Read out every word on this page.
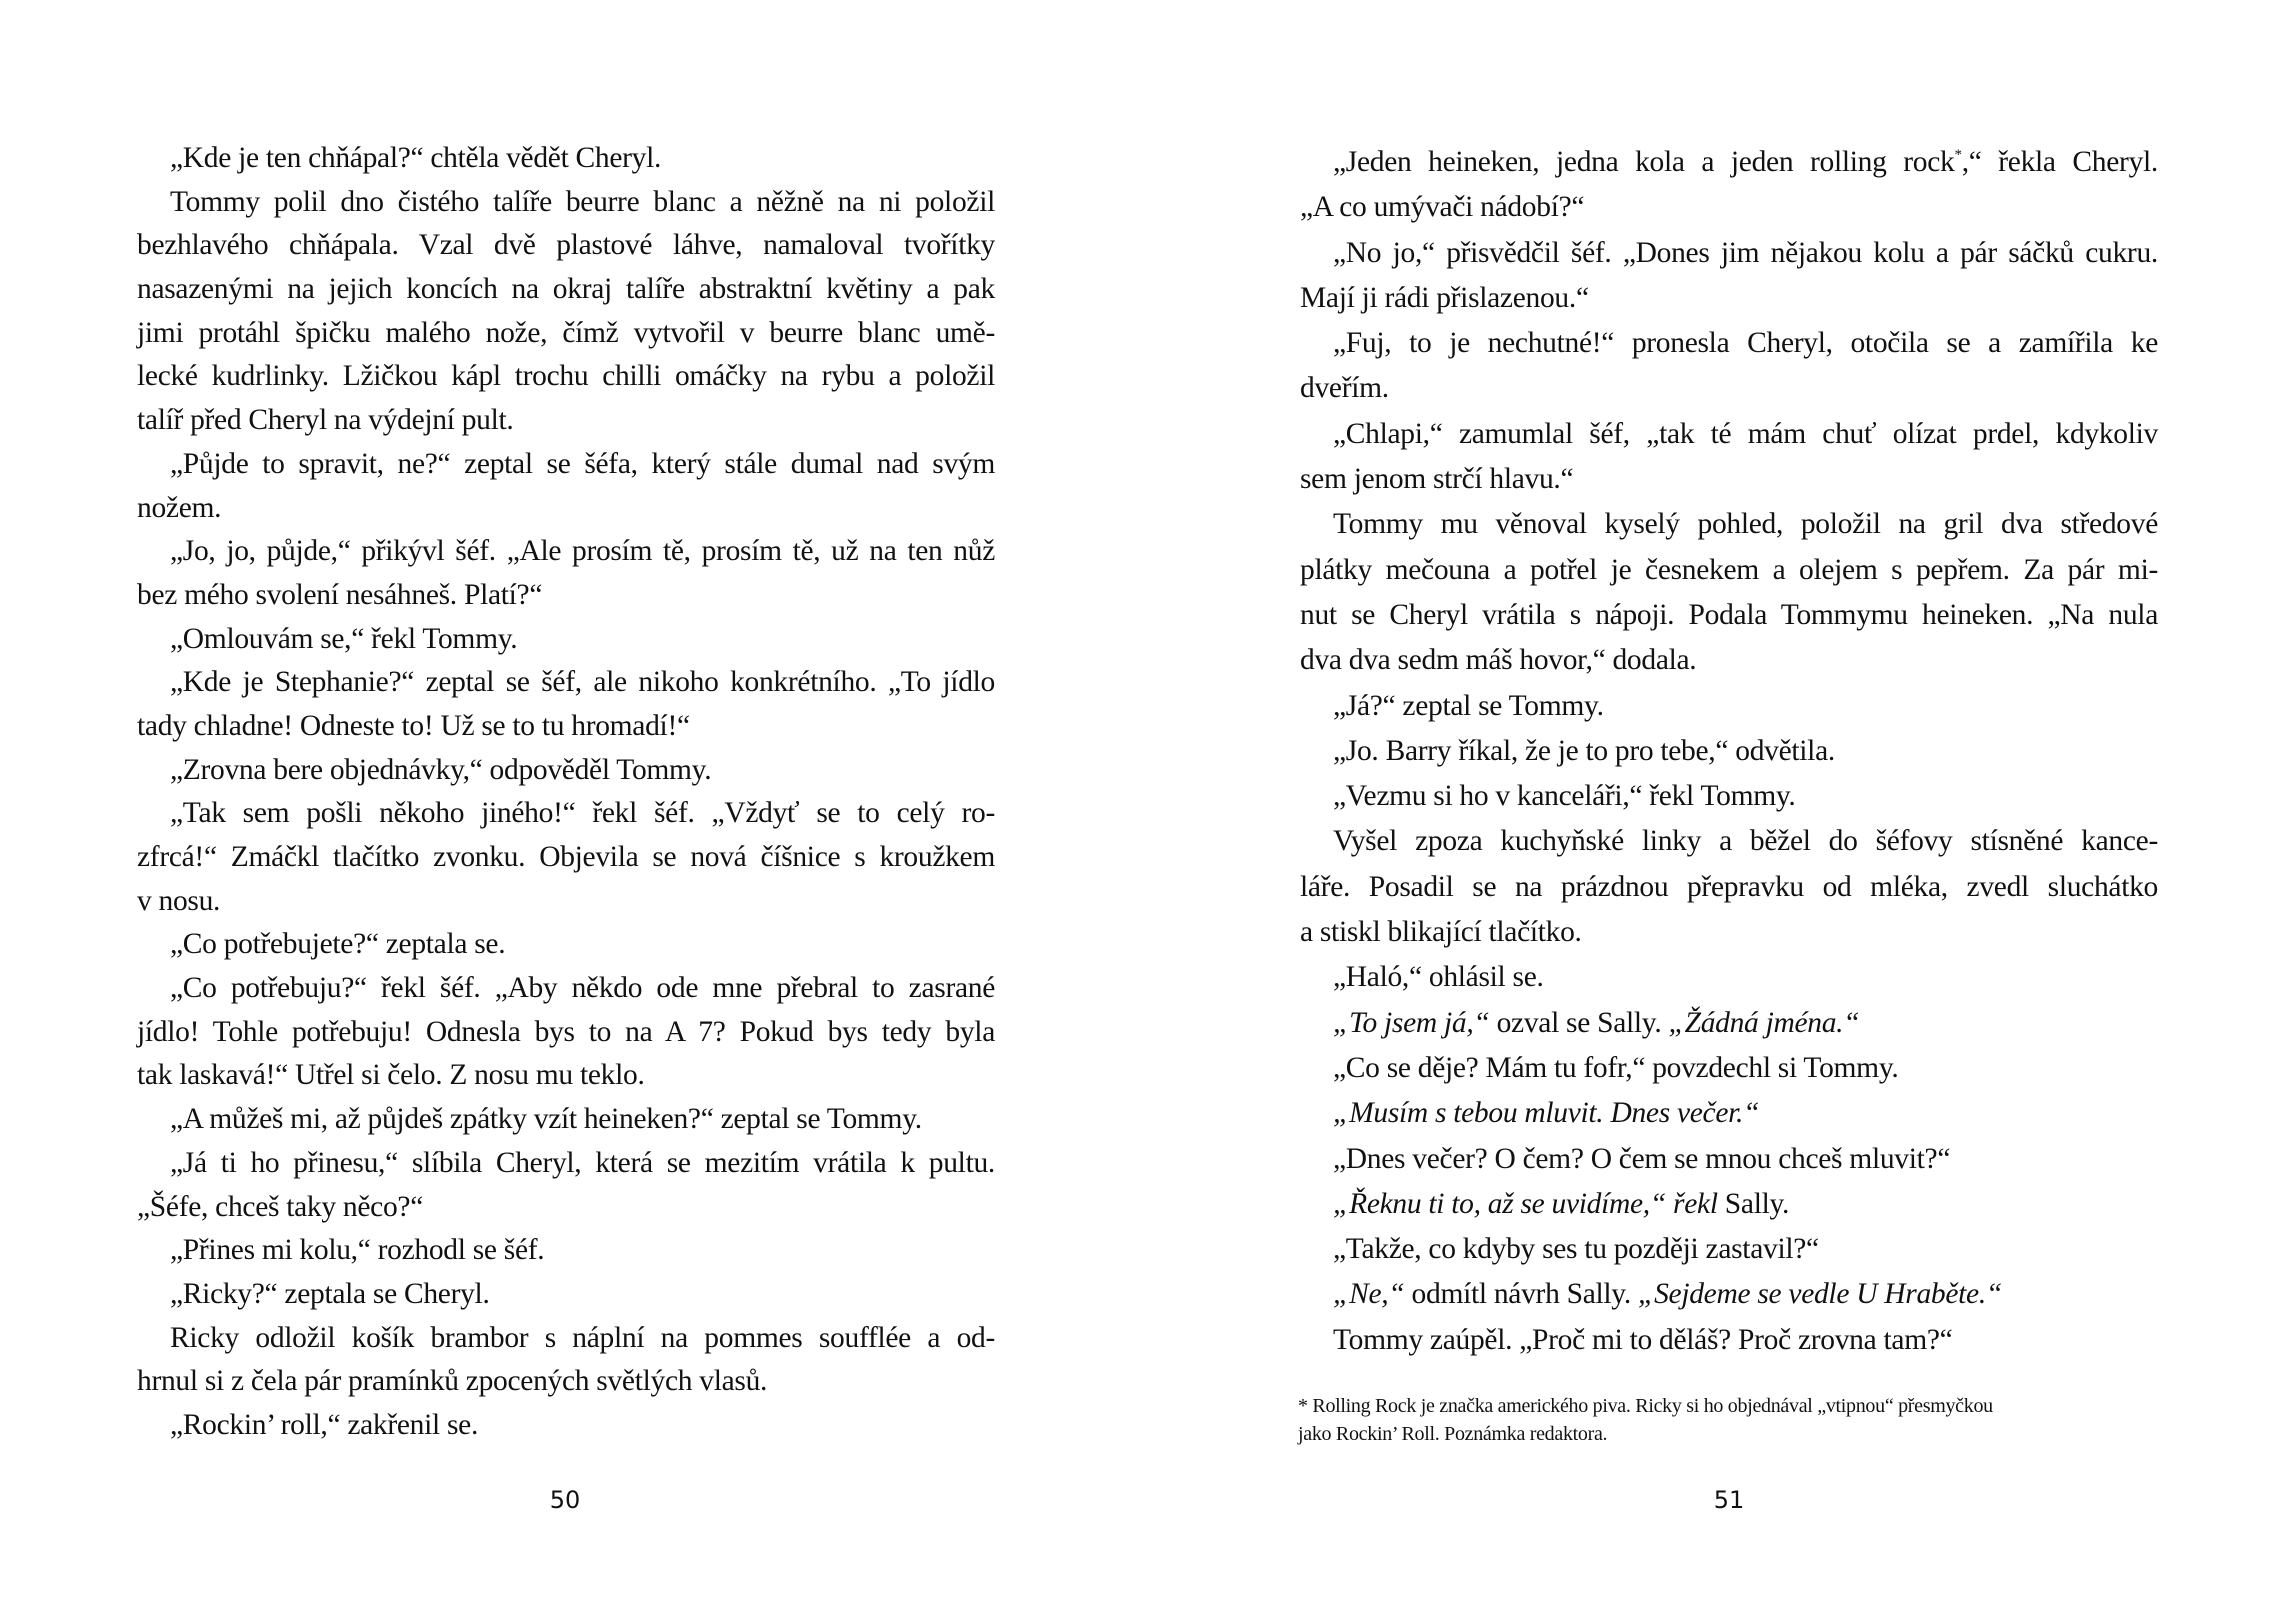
„Kde je ten chňápal?“ chtěla vědět Cheryl.
Tommy polil dno čistého talíře beurre blanc a něžně na ni položil
bezhlavého chňápala. Vzal dvě plastové láhve, namaloval tvořítky
nasazenými na jejich koncích na okraj talíře abstraktní květiny a pak
jimi protáhl špičku malého nože, čímž vytvořil v beurre blanc umě-
lecké kudrlinky. Lžičkou kápl trochu chilli omáčky na rybu a položil
talíř před Cheryl na výdejní pult.
„Půjde to spravit, ne?“ zeptal se šéfa, který stále dumal nad svým
nožem.
„Jo, jo, půjde,“ přikývl šéf. „Ale prosím tě, prosím tě, už na ten nůž
bez mého svolení nesáhneš. Platí?“
„Omlouvám se,“ řekl Tommy.
„Kde je Stephanie?“ zeptal se šéf, ale nikoho konkrétního. „To jídlo
tady chladne! Odneste to! Už se to tu hromadí!“
„Zrovna bere objednávky,“ odpověděl Tommy.
„Tak sem pošli někoho jiného!“ řekl šéf. „Vždyť se to celý ro-
zfrcá!“ Zmáčkl tlačítko zvonku. Objevila se nová číšnice s kroužkem
v nosu.
„Co potřebujete?“ zeptala se.
„Co potřebuju?“ řekl šéf. „Aby někdo ode mne přebral to zasrané
jídlo! Tohle potřebuju! Odnesla bys to na A 7? Pokud bys tedy byla
tak laskavá!“ Utřel si čelo. Z nosu mu teklo.
„A můžeš mi, až půjdeš zpátky vzít heineken?“ zeptal se Tommy.
„Já ti ho přinesu,“ slíbila Cheryl, která se mezitím vrátila k pultu.
„Šéfe, chceš taky něco?“
„Přines mi kolu,“ rozhodl se šéf.
„Ricky?“ zeptala se Cheryl.
Ricky odložil košík brambor s náplní na pommes soufflée a od-
hrnul si z čela pár pramínků zpocených světlých vlasů.
„Rockin’ roll,“ zakřenil se.
50
„Jeden heineken, jedna kola a jeden rolling rock*,“ řekla Cheryl.
„A co umývači nádobí?“
„No jo,“ přisvědčil šéf. „Dones jim nějakou kolu a pár sáčků cukru.
Mají ji rádi přislazenou.“
„Fuj, to je nechutné!“ pronesla Cheryl, otočila se a zamířila ke
dveřím.
„Chlapi,“ zamumlal šéf, „tak té mám chuť olízat prdel, kdykoliv
sem jenom strčí hlavu.“
Tommy mu věnoval kyselý pohled, položil na gril dva středové
plátky mečouna a potřel je česnekem a olejem s pepřem. Za pár mi-
nut se Cheryl vrátila s nápoji. Podala Tommymu heineken. „Na nula
dva dva sedm máš hovor,“ dodala.
„Já?“ zeptal se Tommy.
„Jo. Barry říkal, že je to pro tebe,“ odvětila.
„Vezmu si ho v kanceláři,“ řekl Tommy.
Vyšel zpoza kuchyňské linky a běžel do šéfovy stísněné kance-
láře. Posadil se na prázdnou přepravku od mléka, zvedl sluchátko
a stiskl blikající tlačítko.
„Haló,“ ohlásil se.
„To jsem já,“ ozval se Sally. „Žádná jména.“
„Co se děje? Mám tu fofr,“ povzdechl si Tommy.
„Musím s tebou mluvit. Dnes večer.“
„Dnes večer? O čem? O čem se mnou chceš mluvit?“
„Řeknu ti to, až se uvidíme,“ řekl Sally.
„Takže, co kdyby ses tu později zastavil?“
„Ne,“ odmítl návrh Sally. „Sejdeme se vedle U Hraběte.“
Tommy zaúpěl. „Proč mi to děláš? Proč zrovna tam?“
* Rolling Rock je značka amerického piva. Ricky si ho objednával „vtipnou“ přesmyčkou
jako Rockin’ Roll. Poznámka redaktora.
51
